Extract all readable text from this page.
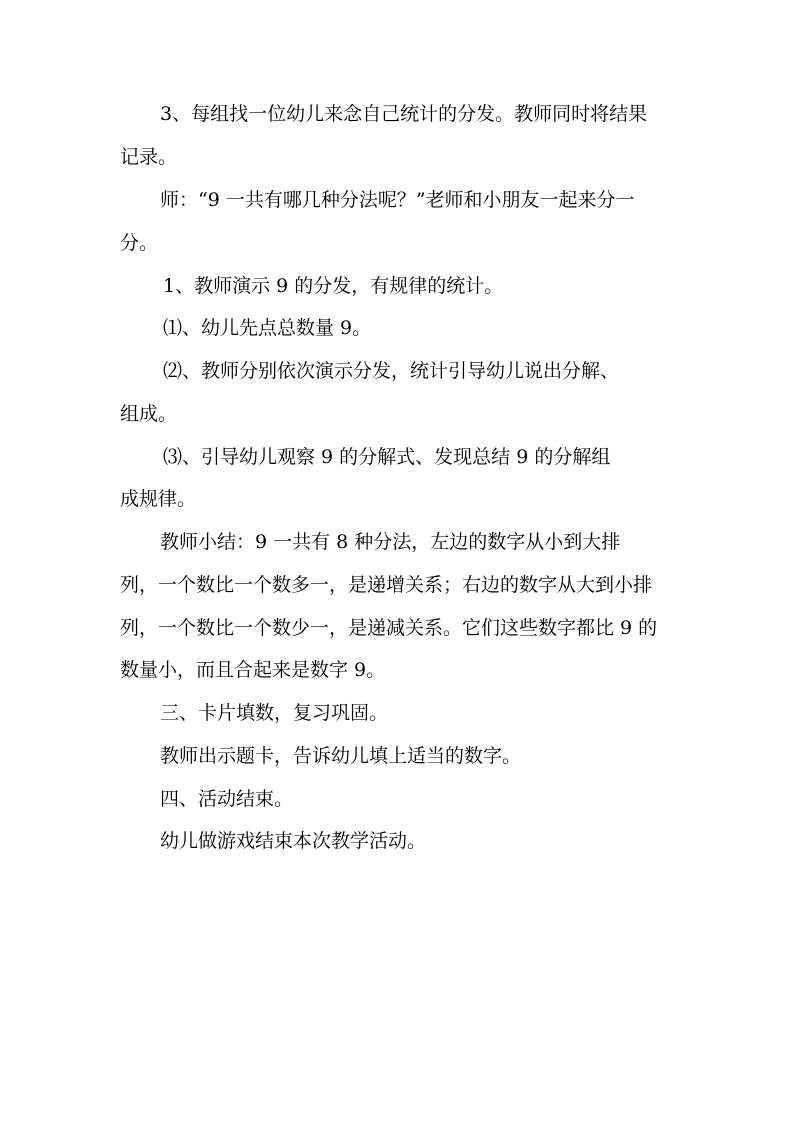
3、每组找一位幼儿来念自己统计的分发。教师同时将结果
记录。
师：“9 一共有哪几种分法呢？”老师和小朋友一起来分一
分。
1、教师演示 9 的分发，有规律的统计。
⑴、幼儿先点总数量 9。
⑵、教师分别依次演示分发，统计引导幼儿说出分解、
组成。
⑶、引导幼儿观察 9 的分解式、发现总结 9 的分解组
成规律。
教师小结：9 一共有 8 种分法，左边的数字从小到大排
列，一个数比一个数多一，是递增关系；右边的数字从大到小排
列，一个数比一个数少一，是递减关系。它们这些数字都比 9 的
数量小，而且合起来是数字 9。
三、卡片填数，复习巩固。
教师出示题卡，告诉幼儿填上适当的数字。
四、活动结束。
幼儿做游戏结束本次教学活动。
